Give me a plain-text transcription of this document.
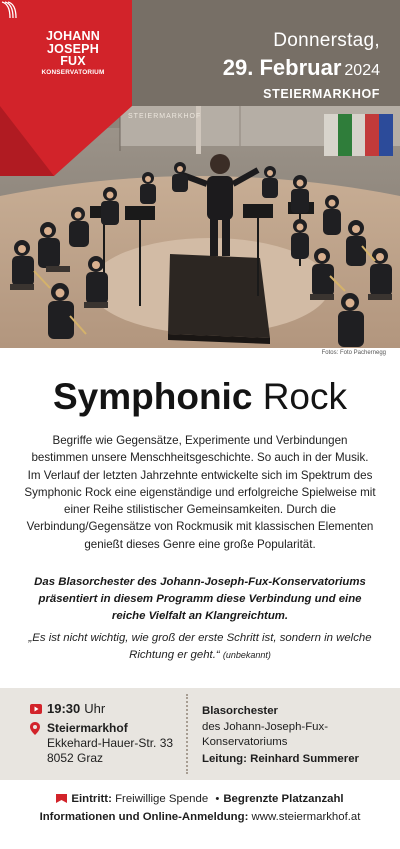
JOHANN
JOSEPH
FUX
KONSERVATORIUM
Donnerstag,
29. Februar 2024
STEIERMARKHOF
STEIERMARKHOF
Fotos: Foto Pachernegg
Symphonic Rock
Begriffe wie Gegensätze, Experimente und Verbindungen bestimmen unsere Menschheitsgeschichte. So auch in der Musik. Im Verlauf der letzten Jahrzehnte entwickelte sich im Spektrum des Symphonic Rock eine eigenständige und erfolgreiche Spielweise mit einer Reihe stilistischer Gemeinsamkeiten. Durch die Verbindung/Gegensätze von Rockmusik mit klassischen Elementen genießt dieses Genre eine große Popularität.
Das Blasorchester des Johann-Joseph-Fux-Konservatoriums präsentiert in diesem Programm diese Verbindung und eine reiche Vielfalt an Klangreichtum.
„Es ist nicht wichtig, wie groß der erste Schritt ist, sondern in welche Richtung er geht.“ (unbekannt)
19:30 Uhr
Steiermarkhof
Ekkehard-Hauer-Str. 33
8052 Graz
Blasorchester
des Johann-Joseph-Fux-
Konservatoriums
Leitung: Reinhard Summerer
Eintritt: Freiwillige Spende • Begrenzte Platzanzahl
Informationen und Online-Anmeldung: www.steiermarkhof.at
